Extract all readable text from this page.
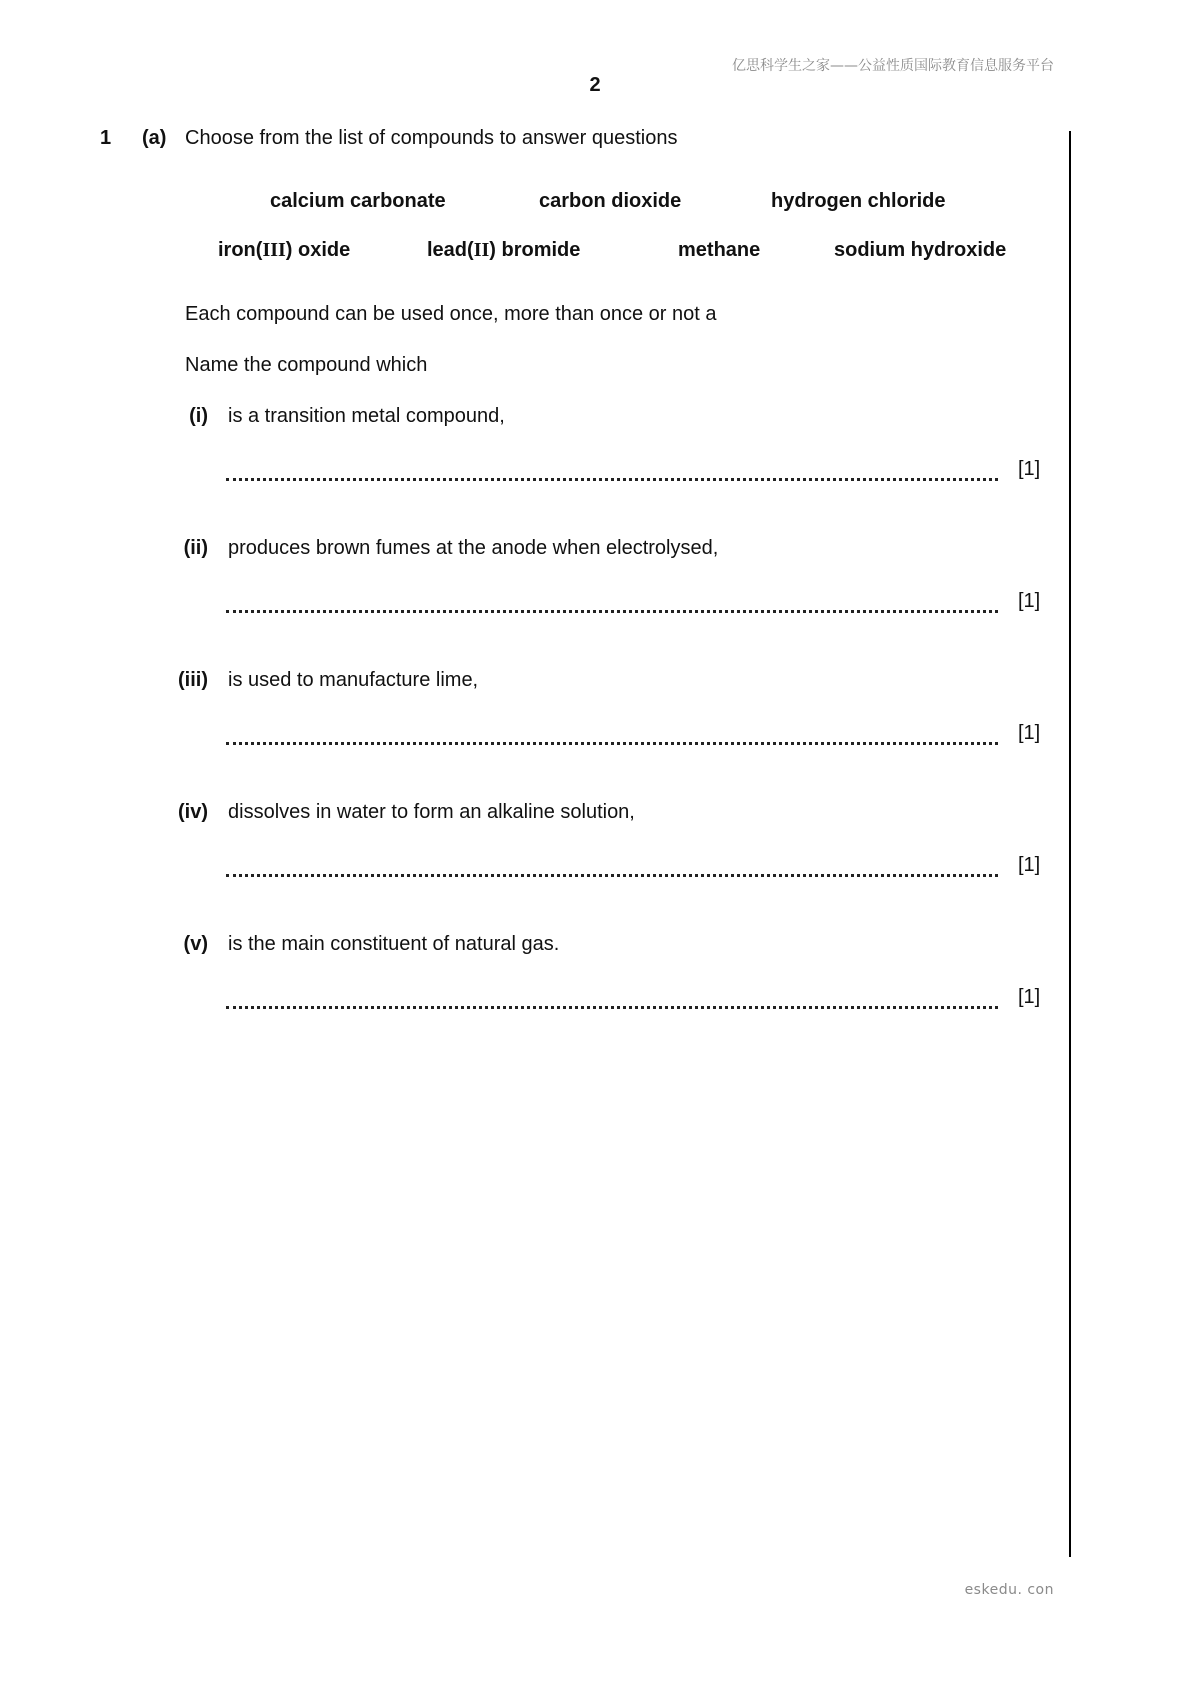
亿思科学生之家——公益性质国际教育信息服务平台
2
1 (a) Choose from the list of compounds to answer questions
calcium carbonate	carbon dioxide	hydrogen chloride
iron(III) oxide	lead(II) bromide	methane	sodium hydroxide
Each compound can be used once, more than once or not a
Name the compound which
(i) is a transition metal compound,
[1]
(ii) produces brown fumes at the anode when electrolysed,
[1]
(iii) is used to manufacture lime,
[1]
(iv) dissolves in water to form an alkaline solution,
[1]
(v) is the main constituent of natural gas.
[1]
eskedu. con
